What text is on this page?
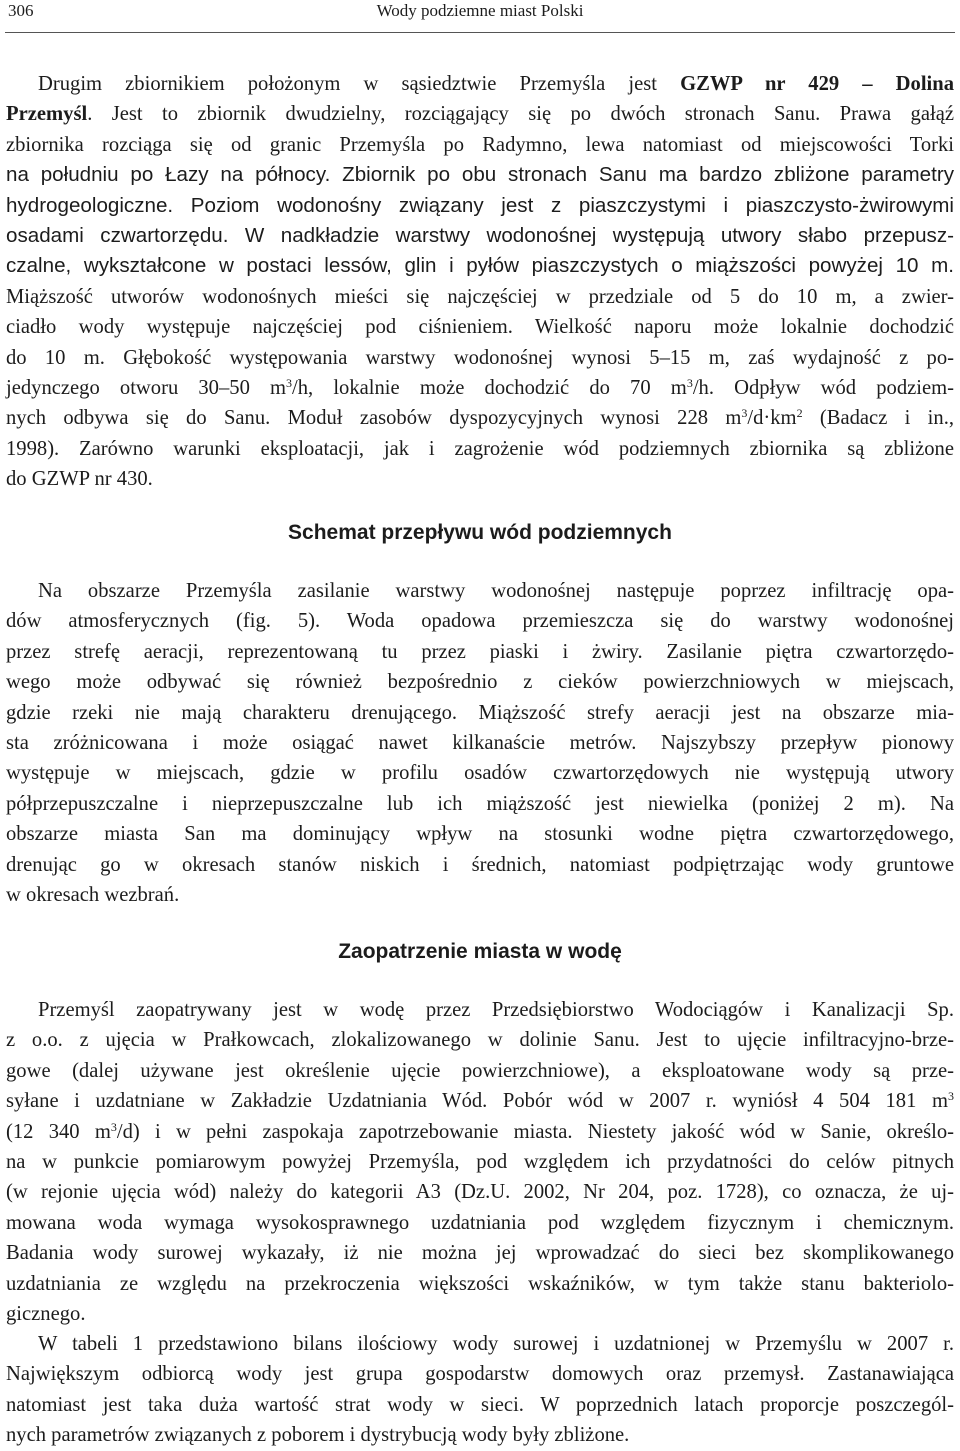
306	Wody podziemne miast Polski
Drugim zbiornikiem położonym w sąsiedztwie Przemyśla jest GZWP nr 429 – Dolina
Przemyśl. Jest to zbiornik dwudzielny, rozciągający się po dwóch stronach Sanu. Prawa gałąź
zbiornika rozciąga się od granic Przemyśla po Radymno, lewa natomiast od miejscowości Torki
na południu po Łazy na północy. Zbiornik po obu stronach Sanu ma bardzo zbliżone parametry
hydrogeologiczne. Poziom wodonośny związany jest z piaszczystymi i piaszczysto-żwirowymi
osadami czwartorzędu. W nadkładzie warstwy wodonośnej występują utwory słabo przepusz-
czalne, wykształcone w postaci lessów, glin i pyłów piaszczystych o miąższości powyżej 10 m.
Miąższość utworów wodonośnych mieści się najczęściej w przedziale od 5 do 10 m, a zwier-
ciadło wody występuje najczęściej pod ciśnieniem. Wielkość naporu może lokalnie dochodzić
do 10 m. Głębokość występowania warstwy wodonośnej wynosi 5–15 m, zaś wydajność z po-
jedynczego otworu 30–50 $m^3/h$, lokalnie może dochodzić do 70 $m^3/h$. Odpływ wód podziem-
nych odbywa się do Sanu. Moduł zasobów dyspozycyjnych wynosi 228 $m^3/d\cdot km^2$ (Badacz i in.,
1998). Zarówno warunki eksploatacji, jak i zagrożenie wód podziemnych zbiornika są zbliżone
do GZWP nr 430.
Schemat przepływu wód podziemnych
Na obszarze Przemyśla zasilanie warstwy wodonośnej następuje poprzez infiltrację opa-
dów atmosferycznych (fig. 5). Woda opadowa przemieszcza się do warstwy wodonośnej
przez strefę aeracji, reprezentowaną tu przez piaski i żwiry. Zasilanie piętra czwartorzędo-
wego może odbywać się również bezpośrednio z cieków powierzchniowych w miejscach,
gdzie rzeki nie mają charakteru drenującego. Miąższość strefy aeracji jest na obszarze mia-
sta zróżnicowana i może osiągać nawet kilkanaście metrów. Najszybszy przepływ pionowy
występuje w miejscach, gdzie w profilu osadów czwartorzędowych nie występują utwory
półprzepuszczalne i nieprzepuszczalne lub ich miąższość jest niewielka (poniżej 2 m). Na
obszarze miasta San ma dominujący wpływ na stosunki wodne piętra czwartorzędowego,
drenując go w okresach stanów niskich i średnich, natomiast podpiętrzając wody gruntowe
w okresach wezbrań.
Zaopatrzenie miasta w wodę
Przemyśl zaopatrywany jest w wodę przez Przedsiębiorstwo Wodociągów i Kanalizacji Sp.
z o.o. z ujęcia w Prałkowcach, zlokalizowanego w dolinie Sanu. Jest to ujęcie infiltracyjno-brze-
gowe (dalej używane jest określenie ujęcie powierzchniowe), a eksploatowane wody są prze-
syłane i uzdatniane w Zakładzie Uzdatniania Wód. Pobór wód w 2007 r. wyniósł 4 504 181 $m^3$
(12 340 $m^3/d$) i w pełni zaspokaja zapotrzebowanie miasta. Niestety jakość wód w Sanie, określo-
na w punkcie pomiarowym powyżej Przemyśla, pod względem ich przydatności do celów pitnych
(w rejonie ujęcia wód) należy do kategorii A3 (Dz.U. 2002, Nr 204, poz. 1728), co oznacza, że uj-
mowana woda wymaga wysokosprawnego uzdatniania pod względem fizycznym i chemicznym.
Badania wody surowej wykazały, iż nie można jej wprowadzać do sieci bez skomplikowanego
uzdatniania ze względu na przekroczenia większości wskaźników, w tym także stanu bakteriolo-
gicznego.
W tabeli 1 przedstawiono bilans ilościowy wody surowej i uzdatnionej w Przemyślu w 2007 r.
Największym odbiorcą wody jest grupa gospodarstw domowych oraz przemysł. Zastanawiająca
natomiast jest taka duża wartość strat wody w sieci. W poprzednich latach proporcje poszczegól-
nych parametrów związanych z poborem i dystrybucją wody były zbliżone.
